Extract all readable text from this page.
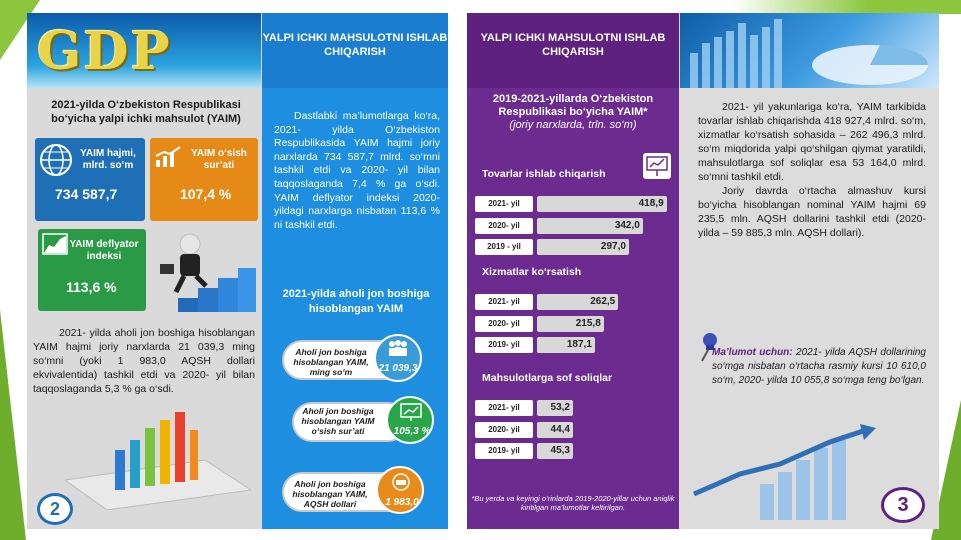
GDP
2021-yilda O‘zbekiston Respublikasi bo‘yicha yalpi ichki mahsulot (YAIM)
YAIM hajmi, mlrd. so‘m
734 587,7
YAIM o‘sish sur’ati
107,4 %
YAIM deflyator indeksi
113,6 %
2021- yilda aholi jon boshiga hisoblangan YAIM hajmi joriy narxlarda 21 039,3 ming so‘mni (yoki 1 983,0 AQSH dollari ekvivalentida) tashkil etdi va 2020- yil bilan taqqoslaganda 5,3 % ga o‘sdi.
2
YALPI ICHKI MAHSULOTNI ISHLAB CHIQARISH
Dastlabki ma’lumotlarga ko‘ra, 2021- yilda O‘zbekiston Respublikasida YAIM hajmi joriy narxlarda 734 587,7 mlrd. so‘mni tashkil etdi va 2020- yil bilan taqqoslaganda 7,4 % ga o‘sdi. YAIM deflyator indeksi 2020- yildagi narxlarga nisbatan 113,6 % ni tashkil etdi.
2021-yilda aholi jon boshiga hisoblangan YAIM
Aholi jon boshiga hisoblangan YAIM, ming so‘m	21 039,3
Aholi jon boshiga hisoblangan YAIM o‘sish sur’ati	105,3 %
Aholi jon boshiga hisoblangan YAIM, AQSH dollari	1 983,0
YALPI ICHKI MAHSULOTNI ISHLAB CHIQARISH
2019-2021-yillarda O‘zbekiston Respublikasi bo‘yicha YAIM*
(joriy narxlarda, trln. so‘m)
Tovarlar ishlab chiqarish
2021- yil	418,9
2020- yil	342,0
2019 - yil	297,0
Xizmatlar ko‘rsatish
2021- yil	262,5
2020- yil	215,8
2019- yil	187,1
Mahsulotlarga sof soliqlar
2021- yil	53,2
2020- yil	44,4
2019- yil	45,3
*Bu yerda va keyingi o‘rinlarda 2019-2020-yillar uchun aniqlik kiritilgan ma’lumotlar keltirilgan.

2021- yil yakunlariga ko‘ra, YAIM tarkibida tovarlar ishlab chiqarishda 418 927,4 mlrd. so‘m, xizmatlar ko‘rsatish sohasida – 262 496,3 mlrd. so‘m miqdorida yalpi qo‘shilgan qiymat yaratildi, mahsulotlarga sof soliqlar esa 53 164,0 mlrd. so‘mni tashkil etdi.

Joriy davrda o‘rtacha almashuv kursi bo‘yicha hisoblangan nominal YAIM hajmi 69 235,5 mln. AQSH dollarini tashkil etdi (2020- yilda – 59 885,3 mln. AQSH dollari).

Ma’lumot uchun: 2021- yilda AQSH dollarining so‘mga nisbatan o‘rtacha rasmiy kursi 10 610,0 so‘m, 2020- yilda 10 055,8 so‘mga teng bo‘lgan.
3
